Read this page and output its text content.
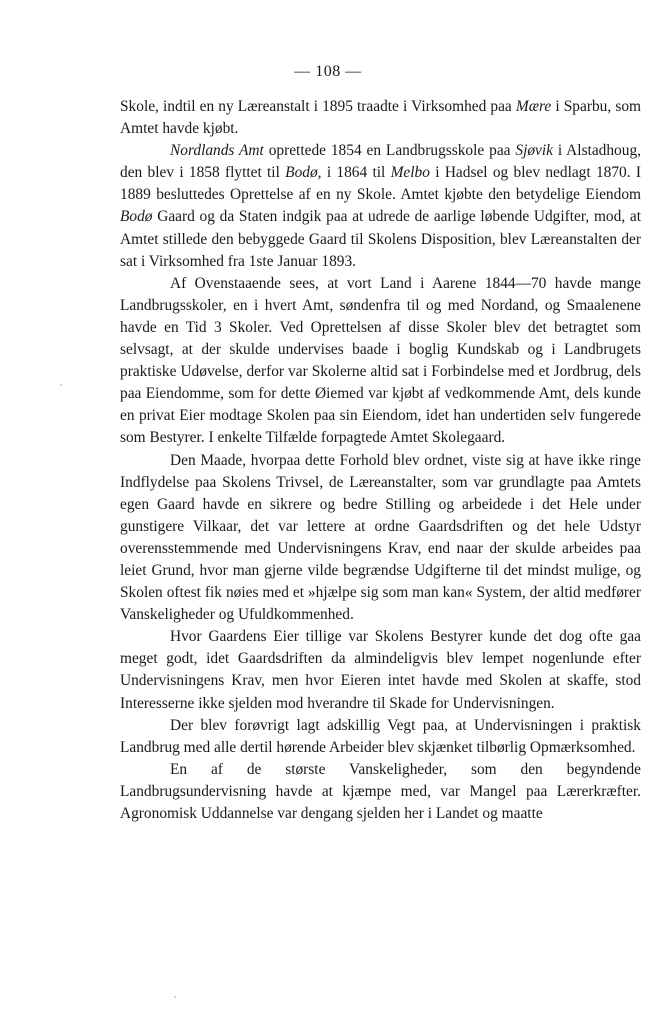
— 108 —

Skole, indtil en ny Læreanstalt i 1895 traadte i Virksomhed paa Mære i Sparbu, som Amtet havde kjøbt.

Nordlands Amt oprettede 1854 en Landbrugsskole paa Sjøvik i Alstadhoug, den blev i 1858 flyttet til Bodø, i 1864 til Melbo i Hadsel og blev nedlagt 1870. I 1889 besluttedes Oprettelse af en ny Skole. Amtet kjøbte den betydelige Eiendom Bodø Gaard og da Staten indgik paa at udrede de aarlige løbende Udgifter, mod, at Amtet stillede den bebyggede Gaard til Skolens Disposition, blev Læreanstalten der sat i Virksomhed fra 1ste Januar 1893.

Af Ovenstaaende sees, at vort Land i Aarene 1844—70 havde mange Landbrugsskoler, en i hvert Amt, søndenfra til og med Nordand, og Smaalenene havde en Tid 3 Skoler. Ved Oprettelsen af disse Skoler blev det betragtet som selvsagt, at der skulde undervises baade i boglig Kundskab og i Landbrugets praktiske Udøvelse, derfor var Skolerne altid sat i Forbindelse med et Jordbrug, dels paa Eiendomme, som for dette Øiemed var kjøbt af vedkommende Amt, dels kunde en privat Eier modtage Skolen paa sin Eiendom, idet han undertiden selv fungerede som Bestyrer. I enkelte Tilfælde forpagtede Amtet Skolegaard.

Den Maade, hvorpaa dette Forhold blev ordnet, viste sig at have ikke ringe Indflydelse paa Skolens Trivsel, de Læreanstalter, som var grundlagte paa Amtets egen Gaard havde en sikrere og bedre Stilling og arbeidede i det Hele under gunstigere Vilkaar, det var lettere at ordne Gaardsdriften og det hele Udstyr overensstemmende med Undervisningens Krav, end naar der skulde arbeides paa leiet Grund, hvor man gjerne vilde begrændse Udgifterne til det mindst mulige, og Skolen oftest fik nøies med et »hjælpe sig som man kan« System, der altid medfører Vanskeligheder og Ufuldkommenhed.

Hvor Gaardens Eier tillige var Skolens Bestyrer kunde det dog ofte gaa meget godt, idet Gaardsdriften da almindeligvis blev lempet nogenlunde efter Undervisningens Krav, men hvor Eieren intet havde med Skolen at skaffe, stod Interesserne ikke sjelden mod hverandre til Skade for Undervisningen.

Der blev forøvrigt lagt adskillig Vegt paa, at Undervisningen i praktisk Landbrug med alle dertil hørende Arbeider blev skjænket tilbørlig Opmærksomhed.

En af de største Vanskeligheder, som den begyndende Landbrugsundervisning havde at kjæmpe med, var Mangel paa Lærerkræfter. Agronomisk Uddannelse var dengang sjelden her i Landet og maatte
